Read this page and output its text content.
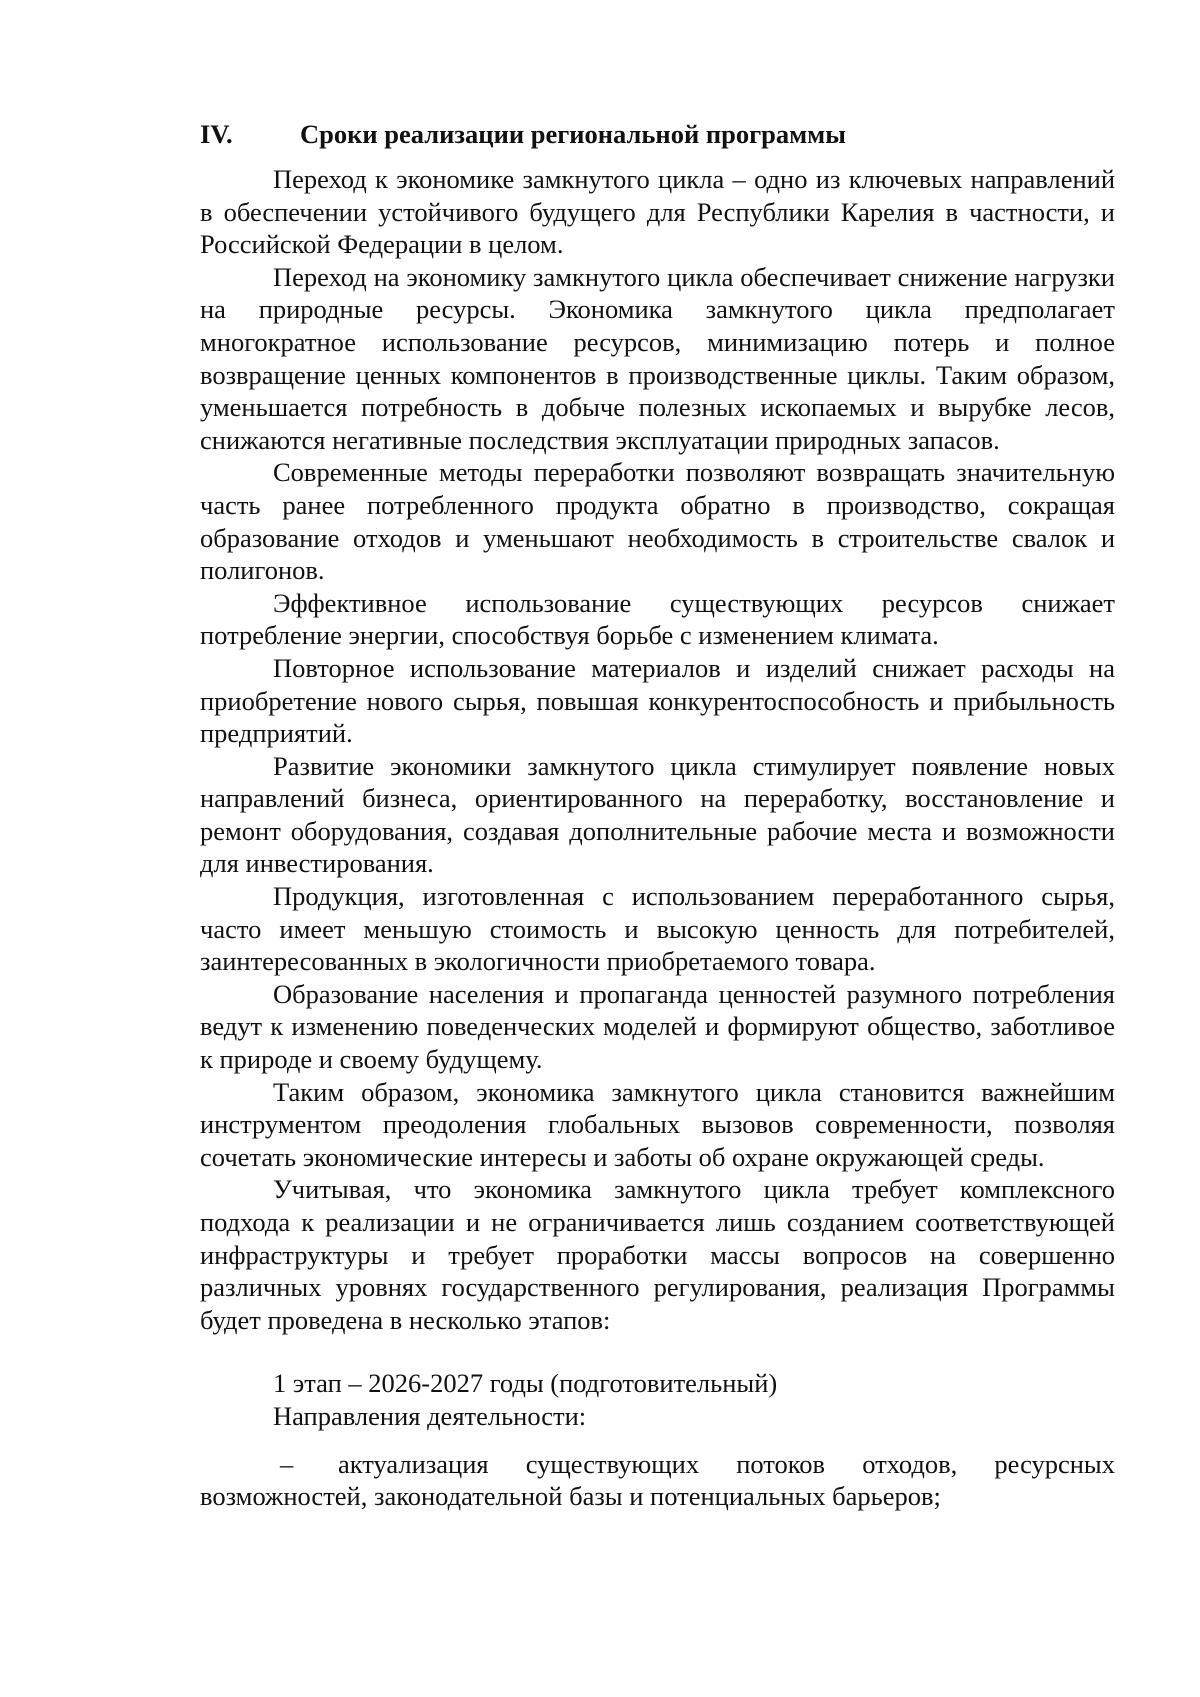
IV.	Сроки реализации региональной программы

Переход к экономике замкнутого цикла – одно из ключевых направлений в обеспечении устойчивого будущего для Республики Карелия в частности, и Российской Федерации в целом.

Переход на экономику замкнутого цикла обеспечивает снижение нагрузки на природные ресурсы. Экономика замкнутого цикла предполагает многократное использование ресурсов, минимизацию потерь и полное возвращение ценных компонентов в производственные циклы. Таким образом, уменьшается потребность в добыче полезных ископаемых и вырубке лесов, снижаются негативные последствия эксплуатации природных запасов.

Современные методы переработки позволяют возвращать значительную часть ранее потребленного продукта обратно в производство, сокращая образование отходов и уменьшают необходимость в строительстве свалок и полигонов.

Эффективное использование существующих ресурсов снижает потребление энергии, способствуя борьбе с изменением климата.

Повторное использование материалов и изделий снижает расходы на приобретение нового сырья, повышая конкурентоспособность и прибыльность предприятий.

Развитие экономики замкнутого цикла стимулирует появление новых направлений бизнеса, ориентированного на переработку, восстановление и ремонт оборудования, создавая дополнительные рабочие места и возможности для инвестирования.

Продукция, изготовленная с использованием переработанного сырья, часто имеет меньшую стоимость и высокую ценность для потребителей, заинтересованных в экологичности приобретаемого товара.

Образование населения и пропаганда ценностей разумного потребления ведут к изменению поведенческих моделей и формируют общество, заботливое к природе и своему будущему.

Таким образом, экономика замкнутого цикла становится важнейшим инструментом преодоления глобальных вызовов современности, позволяя сочетать экономические интересы и заботы об охране окружающей среды.

Учитывая, что экономика замкнутого цикла требует комплексного подхода к реализации и не ограничивается лишь созданием соответствующей инфраструктуры и требует проработки массы вопросов на совершенно различных уровнях государственного регулирования, реализация Программы будет проведена в несколько этапов:

1 этап – 2026-2027 годы (подготовительный)

Направления деятельности:

– актуализация существующих потоков отходов, ресурсных возможностей, законодательной базы и потенциальных барьеров;
